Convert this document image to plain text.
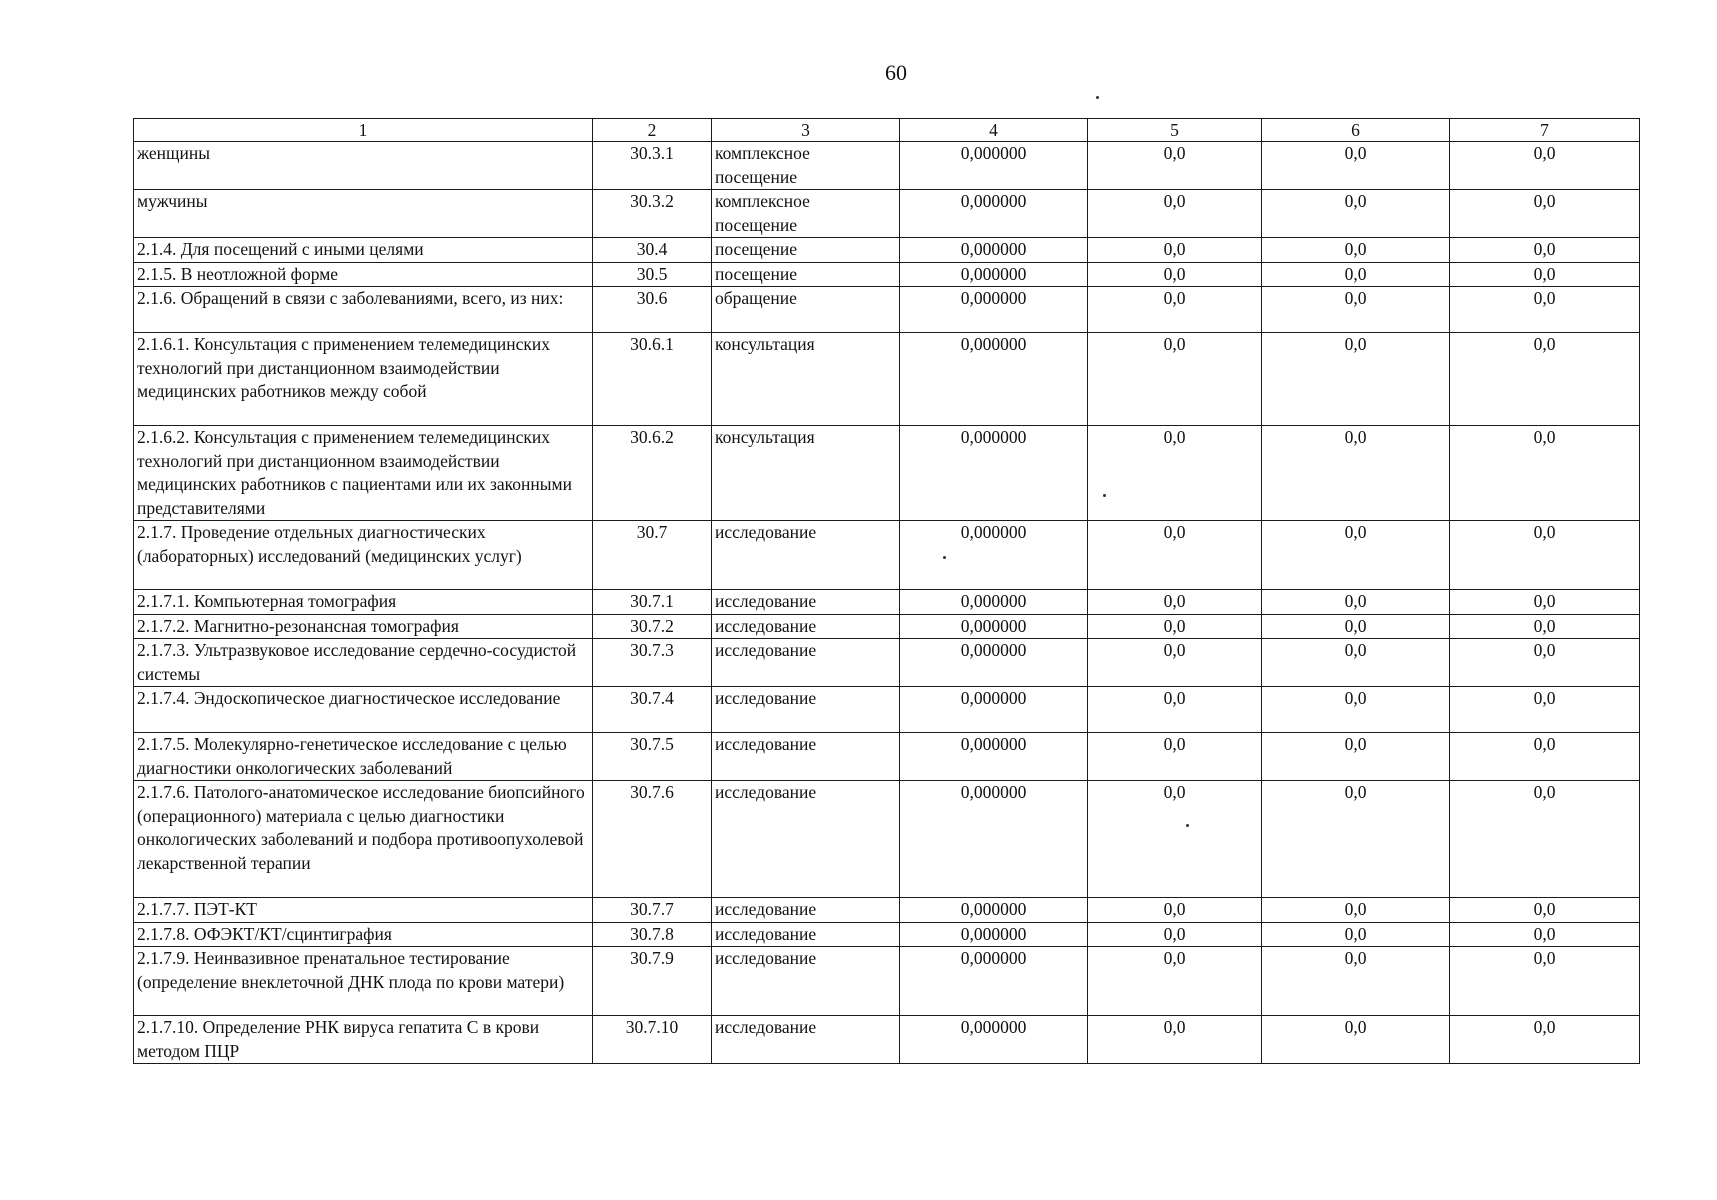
60
1	2	3	4	5	6	7
женщины	30.3.1	комплексное посещение	0,000000	0,0	0,0	0,0
мужчины	30.3.2	комплексное посещение	0,000000	0,0	0,0	0,0
2.1.4. Для посещений с иными целями	30.4	посещение	0,000000	0,0	0,0	0,0
2.1.5. В неотложной форме	30.5	посещение	0,000000	0,0	0,0	0,0
2.1.6. Обращений в связи с заболеваниями, всего, из них:	30.6	обращение	0,000000	0,0	0,0	0,0
2.1.6.1. Консультация с применением телемедицинских технологий при дистанционном взаимодействии медицинских работников между собой	30.6.1	консультация	0,000000	0,0	0,0	0,0
2.1.6.2. Консультация с применением телемедицинских технологий при дистанционном взаимодействии медицинских работников с пациентами или их законными представителями	30.6.2	консультация	0,000000	0,0	0,0	0,0
2.1.7. Проведение отдельных диагностических (лабораторных) исследований (медицинских услуг)	30.7	исследование	0,000000	0,0	0,0	0,0
2.1.7.1. Компьютерная томография	30.7.1	исследование	0,000000	0,0	0,0	0,0
2.1.7.2. Магнитно-резонансная томография	30.7.2	исследование	0,000000	0,0	0,0	0,0
2.1.7.3. Ультразвуковое исследование сердечно-сосудистой системы	30.7.3	исследование	0,000000	0,0	0,0	0,0
2.1.7.4. Эндоскопическое диагностическое исследование	30.7.4	исследование	0,000000	0,0	0,0	0,0
2.1.7.5. Молекулярно-генетическое исследование с целью диагностики онкологических заболеваний	30.7.5	исследование	0,000000	0,0	0,0	0,0
2.1.7.6. Патолого-анатомическое исследование биопсийного (операционного) материала с целью диагностики онкологических заболеваний и подбора противоопухолевой лекарственной терапии	30.7.6	исследование	0,000000	0,0	0,0	0,0
2.1.7.7. ПЭТ-КТ	30.7.7	исследование	0,000000	0,0	0,0	0,0
2.1.7.8. ОФЭКТ/КТ/сцинтиграфия	30.7.8	исследование	0,000000	0,0	0,0	0,0
2.1.7.9. Неинвазивное пренатальное тестирование (определение внеклеточной ДНК плода по крови матери)	30.7.9	исследование	0,000000	0,0	0,0	0,0
2.1.7.10. Определение РНК вируса гепатита С в крови методом ПЦР	30.7.10	исследование	0,000000	0,0	0,0	0,0
